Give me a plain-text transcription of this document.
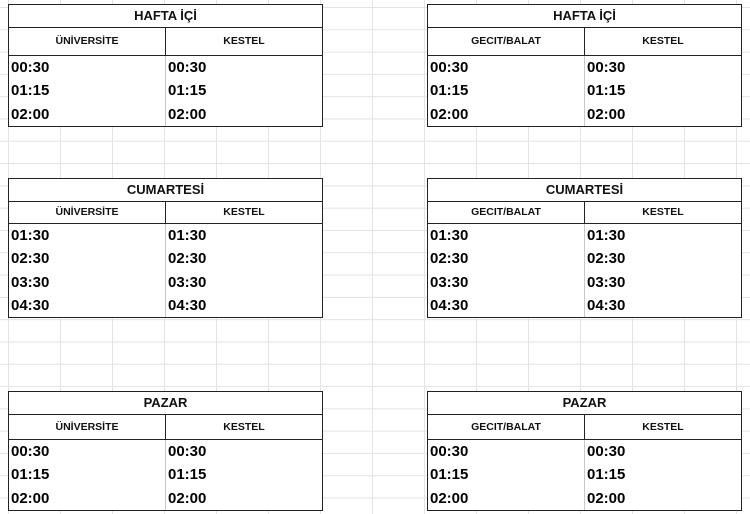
HAFTA İÇİ
ÜNİVERSİTE	KESTEL
00:30	00:30
01:15	01:15
02:00	02:00
HAFTA İÇİ
GECIT/BALAT	KESTEL
00:30	00:30
01:15	01:15
02:00	02:00
CUMARTESİ
ÜNİVERSİTE	KESTEL
01:30	01:30
02:30	02:30
03:30	03:30
04:30	04:30
CUMARTESİ
GECIT/BALAT	KESTEL
01:30	01:30
02:30	02:30
03:30	03:30
04:30	04:30
PAZAR
ÜNİVERSİTE	KESTEL
00:30	00:30
01:15	01:15
02:00	02:00
PAZAR
GECIT/BALAT	KESTEL
00:30	00:30
01:15	01:15
02:00	02:00
